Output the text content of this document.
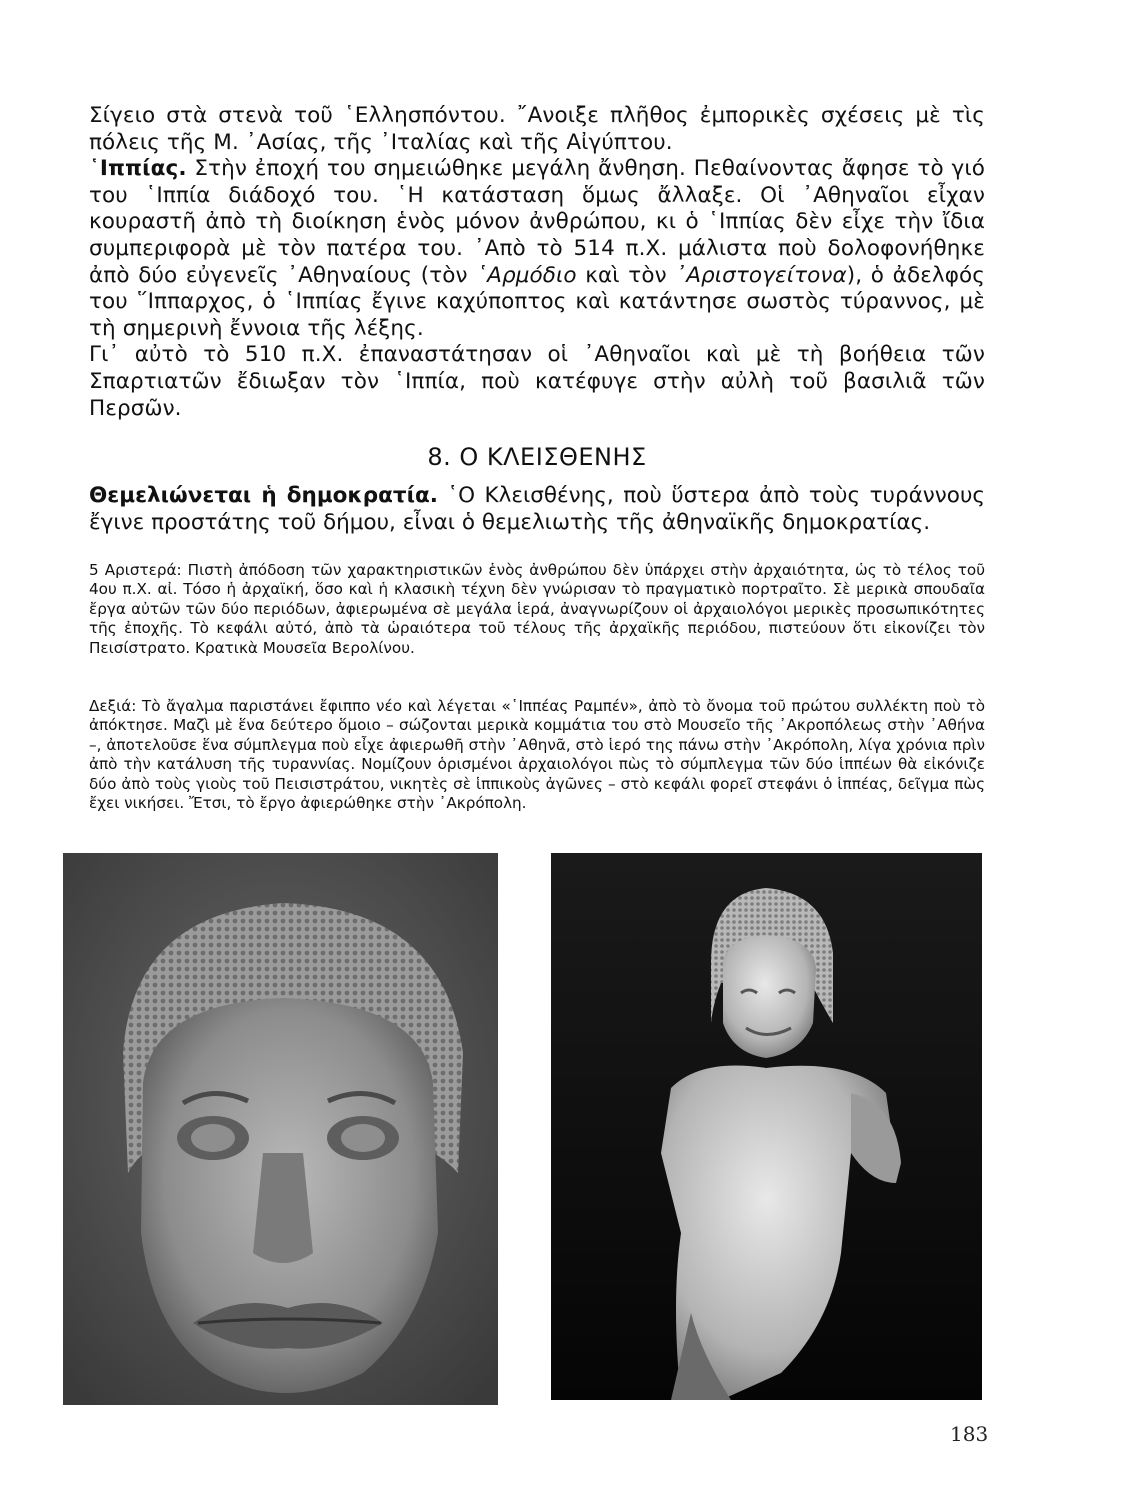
Σίγειο στὰ στενὰ τοῦ ῾Ελλησπόντου. ῎Ανοιξε πλῆθος ἐμπορικὲς σχέσεις μὲ τὶς πόλεις τῆς Μ. ᾿Ασίας, τῆς ᾿Ιταλίας καὶ τῆς Αἰγύπτου.

῾Ιππίας. Στὴν ἐποχή του σημειώθηκε μεγάλη ἄνθηση. Πεθαίνοντας ἄφησε τὸ γιό του ῾Ιππία διάδοχό του. ῾Η κατάσταση ὅμως ἄλλαξε. Οἱ ᾿Αθηναῖοι εἶχαν κουραστῆ ἀπὸ τὴ διοίκηση ἑνὸς μόνον ἀνθρώπου, κι ὁ ῾Ιππίας δὲν εἶχε τὴν ἴδια συμπεριφορὰ μὲ τὸν πατέρα του. ᾿Απὸ τὸ 514 π.Χ. μάλιστα ποὺ δολοφονήθηκε ἀπὸ δύο εὐγενεῖς ᾿Αθηναίους (τὸν ῾Αρμόδιο καὶ τὸν ᾿Αριστογείτονα), ὁ ἀδελφός του ῞Ιππαρχος, ὁ ῾Ιππίας ἔγινε καχύποπτος καὶ κατάντησε σωστὸς τύραννος, μὲ τὴ σημερινὴ ἔννοια τῆς λέξης.

Γι᾿ αὐτὸ τὸ 510 π.Χ. ἐπαναστάτησαν οἱ ᾿Αθηναῖοι καὶ μὲ τὴ βοήθεια τῶν Σπαρτιατῶν ἔδιωξαν τὸν ῾Ιππία, ποὺ κατέφυγε στὴν αὐλὴ τοῦ βασιλιᾶ τῶν Περσῶν.

8. Ο ΚΛΕΙΣΘΕΝΗΣ

Θεμελιώνεται ἡ δημοκρατία. ῾Ο Κλεισθένης, ποὺ ὕστερα ἀπὸ τοὺς τυράννους ἔγινε προστάτης τοῦ δήμου, εἶναι ὁ θεμελιωτὴς τῆς ἀθηναϊκῆς δημοκρατίας.

5 Αριστερά: Πιστὴ ἀπόδοση τῶν χαρακτηριστικῶν ἑνὸς ἀνθρώπου δὲν ὑπάρχει στὴν ἀρχαιότητα, ὡς τὸ τέλος τοῦ 4ου π.Χ. αἰ. Τόσο ἡ ἀρχαϊκή, ὅσο καὶ ἡ κλασικὴ τέχνη δὲν γνώρισαν τὸ πραγματικὸ πορτραῖτο. Σὲ μερικὰ σπουδαῖα ἔργα αὐτῶν τῶν δύο περιόδων, ἀφιερωμένα σὲ μεγάλα ἱερά, ἀναγνωρίζουν οἱ ἀρχαιολόγοι μερικὲς προσωπικότητες τῆς ἐποχῆς. Τὸ κεφάλι αὐτό, ἀπὸ τὰ ὡραιότερα τοῦ τέλους τῆς ἀρχαϊκῆς περιόδου, πιστεύουν ὅτι εἰκονίζει τὸν Πεισίστρατο. Κρατικὰ Μουσεῖα Βερολίνου.

Δεξιά: Τὸ ἄγαλμα παριστάνει ἔφιππο νέο καὶ λέγεται «῾Ιππέας Ραμπέν», ἀπὸ τὸ ὄνομα τοῦ πρώτου συλλέκτη ποὺ τὸ ἀπόκτησε. Μαζὶ μὲ ἕνα δεύτερο ὅμοιο – σώζονται μερικὰ κομμάτια του στὸ Μουσεῖο τῆς ᾿Ακροπόλεως στὴν ᾿Αθήνα –, ἀποτελοῦσε ἕνα σύμπλεγμα ποὺ εἶχε ἀφιερωθῆ στὴν ᾿Αθηνᾶ, στὸ ἱερό της πάνω στὴν ᾿Ακρόπολη, λίγα χρόνια πρὶν ἀπὸ τὴν κατάλυση τῆς τυραννίας. Νομίζουν ὁρισμένοι ἀρχαιολόγοι πὼς τὸ σύμπλεγμα τῶν δύο ἱππέων θὰ εἰκόνιζε δύο ἀπὸ τοὺς γιοὺς τοῦ Πεισιστράτου, νικητὲς σὲ ἱππικοὺς ἀγῶνες – στὸ κεφάλι φορεῖ στεφάνι ὁ ἱππέας, δεῖγμα πὼς ἔχει νικήσει. Ἔτσι, τὸ ἔργο ἀφιερώθηκε στὴν ᾿Ακρόπολη.

183
